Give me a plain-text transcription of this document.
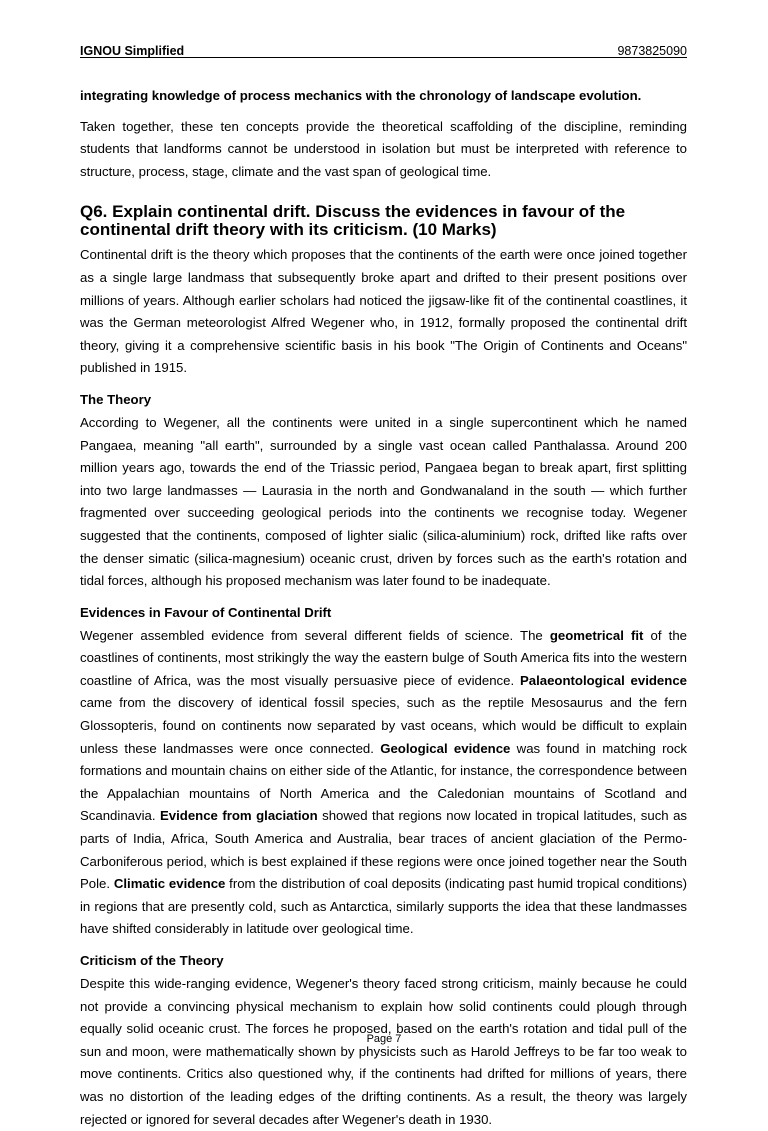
IGNOU Simplified	9873825090

integrating knowledge of process mechanics with the chronology of landscape evolution.

Taken together, these ten concepts provide the theoretical scaffolding of the discipline, reminding students that landforms cannot be understood in isolation but must be interpreted with reference to structure, process, stage, climate and the vast span of geological time.

Q6. Explain continental drift. Discuss the evidences in favour of the continental drift theory with its criticism. (10 Marks)

Continental drift is the theory which proposes that the continents of the earth were once joined together as a single large landmass that subsequently broke apart and drifted to their present positions over millions of years. Although earlier scholars had noticed the jigsaw-like fit of the continental coastlines, it was the German meteorologist Alfred Wegener who, in 1912, formally proposed the continental drift theory, giving it a comprehensive scientific basis in his book "The Origin of Continents and Oceans" published in 1915.

The Theory

According to Wegener, all the continents were united in a single supercontinent which he named Pangaea, meaning "all earth", surrounded by a single vast ocean called Panthalassa. Around 200 million years ago, towards the end of the Triassic period, Pangaea began to break apart, first splitting into two large landmasses — Laurasia in the north and Gondwanaland in the south — which further fragmented over succeeding geological periods into the continents we recognise today. Wegener suggested that the continents, composed of lighter sialic (silica-aluminium) rock, drifted like rafts over the denser simatic (silica-magnesium) oceanic crust, driven by forces such as the earth's rotation and tidal forces, although his proposed mechanism was later found to be inadequate.

Evidences in Favour of Continental Drift

Wegener assembled evidence from several different fields of science. The geometrical fit of the coastlines of continents, most strikingly the way the eastern bulge of South America fits into the western coastline of Africa, was the most visually persuasive piece of evidence. Palaeontological evidence came from the discovery of identical fossil species, such as the reptile Mesosaurus and the fern Glossopteris, found on continents now separated by vast oceans, which would be difficult to explain unless these landmasses were once connected. Geological evidence was found in matching rock formations and mountain chains on either side of the Atlantic, for instance, the correspondence between the Appalachian mountains of North America and the Caledonian mountains of Scotland and Scandinavia. Evidence from glaciation showed that regions now located in tropical latitudes, such as parts of India, Africa, South America and Australia, bear traces of ancient glaciation of the Permo-Carboniferous period, which is best explained if these regions were once joined together near the South Pole. Climatic evidence from the distribution of coal deposits (indicating past humid tropical conditions) in regions that are presently cold, such as Antarctica, similarly supports the idea that these landmasses have shifted considerably in latitude over geological time.

Criticism of the Theory

Despite this wide-ranging evidence, Wegener's theory faced strong criticism, mainly because he could not provide a convincing physical mechanism to explain how solid continents could plough through equally solid oceanic crust. The forces he proposed, based on the earth's rotation and tidal pull of the sun and moon, were mathematically shown by physicists such as Harold Jeffreys to be far too weak to move continents. Critics also questioned why, if the continents had drifted for millions of years, there was no distortion of the leading edges of the drifting continents. As a result, the theory was largely rejected or ignored for several decades after Wegener's death in 1930.

Page 7
